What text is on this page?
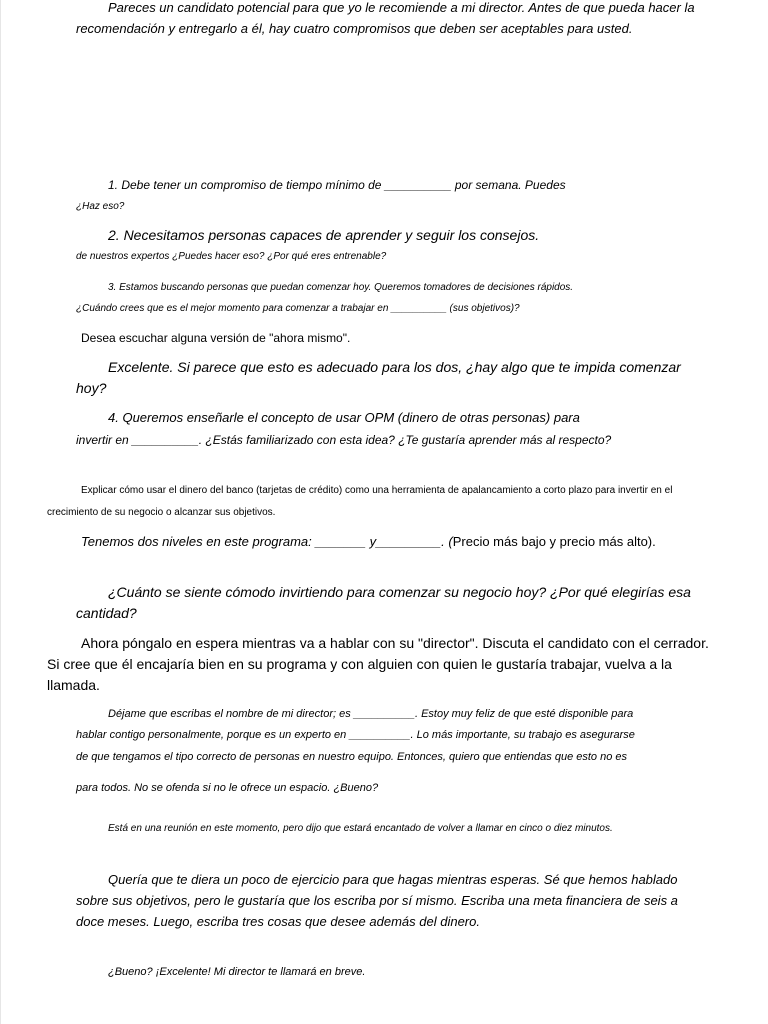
Pareces un candidato potencial para que yo le recomiende a mi director. Antes de que pueda hacer la
recomendación y entregarlo a él, hay cuatro compromisos que deben ser aceptables para usted.
1. Debe tener un compromiso de tiempo mínimo de __________ por semana. Puedes
¿Haz eso?
2. Necesitamos personas capaces de aprender y seguir los consejos.
de nuestros expertos ¿Puedes hacer eso? ¿Por qué eres entrenable?
3. Estamos buscando personas que puedan comenzar hoy. Queremos tomadores de decisiones rápidos.
¿Cuándo crees que es el mejor momento para comenzar a trabajar en __________ (sus objetivos)?
Desea escuchar alguna versión de "ahora mismo".
Excelente. Si parece que esto es adecuado para los dos, ¿hay algo que te impida comenzar
hoy?
4. Queremos enseñarle el concepto de usar OPM (dinero de otras personas) para
invertir en __________. ¿Estás familiarizado con esta idea? ¿Te gustaría aprender más al respecto?
Explicar cómo usar el dinero del banco (tarjetas de crédito) como una herramienta de apalancamiento a corto plazo para invertir en el
crecimiento de su negocio o alcanzar sus objetivos.
Tenemos dos niveles en este programa: _______ y_________. (Precio más bajo y precio más alto).
¿Cuánto se siente cómodo invirtiendo para comenzar su negocio hoy? ¿Por qué elegirías esa
cantidad?
Ahora póngalo en espera mientras va a hablar con su "director". Discuta el candidato con el cerrador.
Si cree que él encajaría bien en su programa y con alguien con quien le gustaría trabajar, vuelva a la
llamada.
Déjame que escribas el nombre de mi director; es __________. Estoy muy feliz de que esté disponible para
hablar contigo personalmente, porque es un experto en __________. Lo más importante, su trabajo es asegurarse
de que tengamos el tipo correcto de personas en nuestro equipo. Entonces, quiero que entiendas que esto no es
para todos. No se ofenda si no le ofrece un espacio. ¿Bueno?
Está en una reunión en este momento, pero dijo que estará encantado de volver a llamar en cinco o diez minutos.
Quería que te diera un poco de ejercicio para que hagas mientras esperas. Sé que hemos hablado
sobre sus objetivos, pero le gustaría que los escriba por sí mismo. Escriba una meta financiera de seis a
doce meses. Luego, escriba tres cosas que desee además del dinero.
¿Bueno? ¡Excelente! Mi director te llamará en breve.
